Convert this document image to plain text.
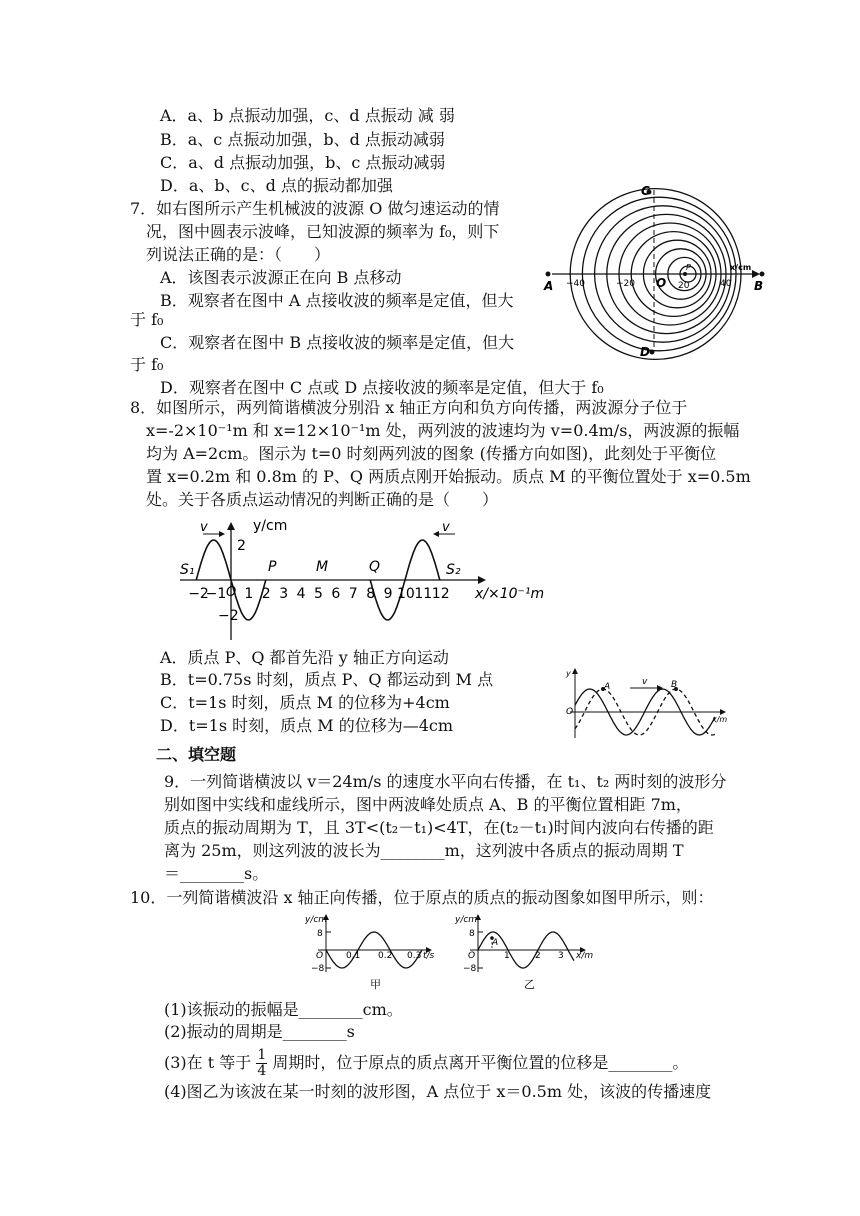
A．a、b 点振动加强，c、d 点振动 减 弱
B．a、c 点振动加强，b、d 点振动减弱
C．a、d 点振动加强，b、c 点振动减弱
D．a、b、c、d 点的振动都加强
7．如右图所示产生机械波的波源 O 做匀速运动的情
况，图中圆表示波峰，已知波源的频率为 f₀，则下
列说法正确的是：（　　）
A．该图表示波源正在向 B 点移动
B．观察者在图中 A 点接收波的频率是定值，但大
于 f₀
C．观察者在图中 B 点接收波的频率是定值，但大
于 f₀
D．观察者在图中 C 点或 D 点接收波的频率是定值，但大于 f₀
C
D
A	B
O
P	x/cm
−40	−20	20	40
8．如图所示，两列简谐横波分别沿 x 轴正方向和负方向传播，两波源分子位于
x=-2×10⁻¹m 和 x=12×10⁻¹m 处，两列波的波速均为 v=0.4m/s，两波源的振幅
均为 A=2cm。图示为 t=0 时刻两列波的图象 (传播方向如图)，此刻处于平衡位
置 x=0.2m 和 0.8m 的 P、Q 两质点刚开始振动。质点 M 的平衡位置处于 x=0.5m
处。关于各质点运动情况的判断正确的是（　　）
−2
−1 1 2 3 4 5 6 7 8 9 10 11 12
v	v
y/cm
2
−2
O
S₁	S₂
P	M	Q
x/×10⁻¹m
A．质点 P、Q 都首先沿 y 轴正方向运动
B．t=0.75s 时刻，质点 P、Q 都运动到 M 点
C．t=1s 时刻，质点 M 的位移为+4cm
D．t=1s 时刻，质点 M 的位移为—4cm
v
y
x/m
O
A	B
二、填空题
9．一列简谐横波以 v＝24m/s 的速度水平向右传播，在 t₁、t₂ 两时刻的波形分
别如图中实线和虚线所示，图中两波峰处质点 A、B 的平衡位置相距 7m，
质点的振动周期为 T，且 3T<(t₂－t₁)<4T，在(t₂－t₁)时间内波向右传播的距
离为 25m，则这列波的波长为________m，这列波中各质点的振动周期 T
＝________s。
10．一列简谐横波沿 x 轴正向传播，位于原点的质点的振动图象如图甲所示，则：
y/cm
8
−8
O	0.1 0.2 0.3 t/s
甲
y/cm
8
−8
O
A
1	2 3 x/m
乙
(1)该振动的振幅是________cm。
(2)振动的周期是________s
(3)在 t 等于 $\frac{1}{4}$ 周期时，位于原点的质点离开平衡位置的位移是________。
(4)图乙为该波在某一时刻的波形图，A 点位于 x＝0.5m 处，该波的传播速度
